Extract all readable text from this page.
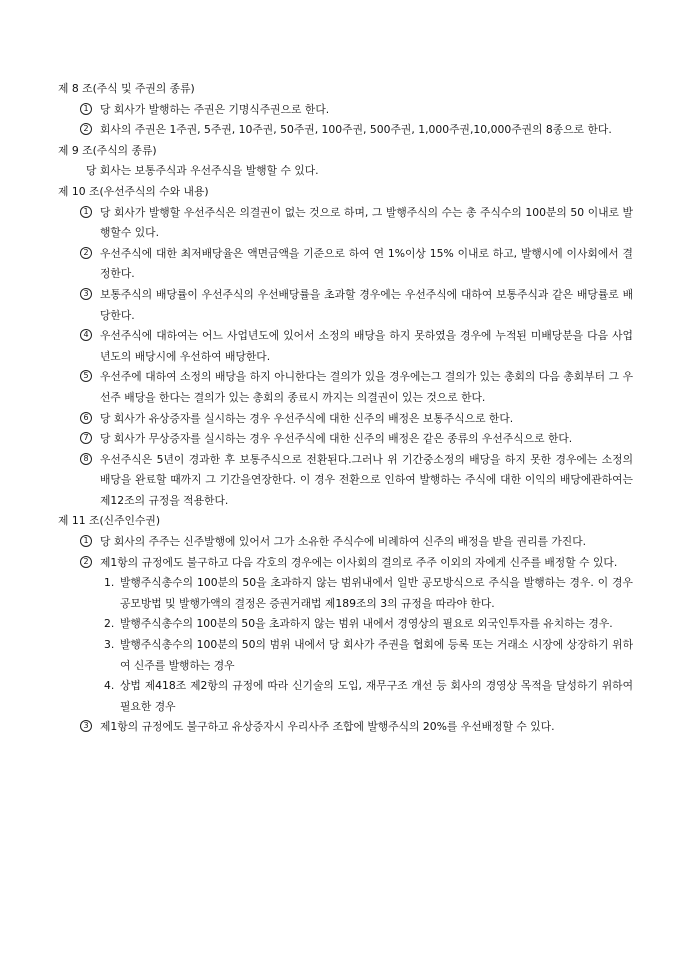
제 8 조(주식 및 주권의 종류)
1	당 회사가 발행하는 주권은 기명식주권으로 한다.
2	회사의 주권은 1주권, 5주권, 10주권, 50주권, 100주권, 500주권, 1,000주권,10,000주권의 8종으로 한다.
제 9 조(주식의 종류)
당 회사는 보통주식과 우선주식을 발행할 수 있다.
제 10 조(우선주식의 수와 내용)
1	당 회사가 발행할 우선주식은 의결권이 없는 것으로 하며, 그 발행주식의 수는 총 주식수의 100분의 50 이내로 발행할수 있다.
2	우선주식에 대한 최저배당율은 액면금액을 기준으로 하여 연 1%이상 15% 이내로 하고, 발행시에 이사회에서 결정한다.
3	보통주식의 배당률이 우선주식의 우선배당률을 초과할 경우에는 우선주식에 대하여 보통주식과 같은 배당률로 배당한다.
4	우선주식에 대하여는 어느 사업년도에 있어서 소정의 배당을 하지 못하였을 경우에 누적된 미배당분을 다음 사업년도의 배당시에 우선하여 배당한다.
5	우선주에 대하여 소정의 배당을 하지 아니한다는 결의가 있을 경우에는그 결의가 있는 총회의 다음 총회부터 그 우선주 배당을 한다는 결의가 있는 총회의 종료시 까지는 의결권이 있는 것으로 한다.
6	당 회사가 유상증자를 실시하는 경우 우선주식에 대한 신주의 배정은 보통주식으로 한다.
7	당 회사가 무상증자를 실시하는 경우 우선주식에 대한 신주의 배정은 같은 종류의 우선주식으로 한다.
8	우선주식은 5년이 경과한 후 보통주식으로 전환된다.그러나 위 기간중소정의 배당을 하지 못한 경우에는 소정의 배당을 완료할 때까지 그 기간을연장한다. 이 경우 전환으로 인하여 발행하는 주식에 대한 이익의 배당에관하여는 제12조의 규정을 적용한다.
제 11 조(신주인수권)
1	당 회사의 주주는 신주발행에 있어서 그가 소유한 주식수에 비례하여 신주의 배정을 받을 권리를 가진다.
2	제1항의 규정에도 불구하고 다음 각호의 경우에는 이사회의 결의로 주주 이외의 자에게 신주를 배정할 수 있다.
1. 발행주식총수의 100분의 50을 초과하지 않는 범위내에서 일반 공모방식으로 주식을 발행하는 경우. 이 경우 공모방법 및 발행가액의 결정은 증권거래법 제189조의 3의 규정을 따라야 한다.
2. 발행주식총수의 100분의 50을 초과하지 않는 범위 내에서 경영상의 필요로 외국인투자를 유치하는 경우.
3. 발행주식총수의 100분의 50의 범위 내에서 당 회사가 주권을 협회에 등록 또는 거래소 시장에 상장하기 위하여 신주를 발행하는 경우
4. 상법 제418조 제2항의 규정에 따라 신기술의 도입, 재무구조 개선 등 회사의 경영상 목적을 달성하기 위하여 필요한 경우
3	제1항의 규정에도 불구하고 유상증자시 우리사주 조합에 발행주식의 20%를 우선배정할 수 있다.
